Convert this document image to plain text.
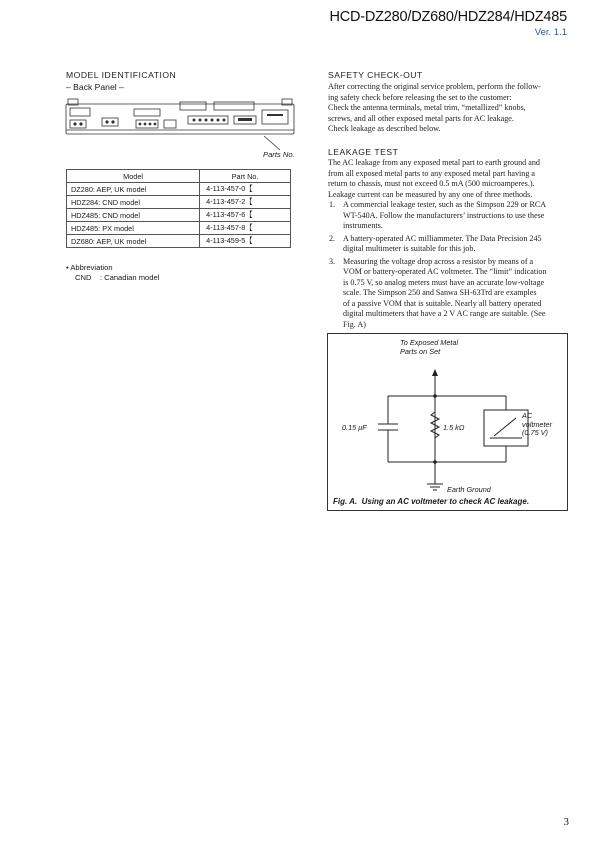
HCD-DZ280/DZ680/HDZ284/HDZ485
Ver. 1.1
MODEL IDENTIFICATION
– Back Panel –
Parts No.
Model	Part No.
DZ280: AEP, UK model	4-113-457-0【
HDZ284: CND model	4-113-457-2【
HDZ485: CND model	4-113-457-6【
HDZ485: PX model	4-113-457-8【
DZ680: AEP, UK model	4-113-459-5【
• Abbreviation
CND    : Canadian model
SAFETY CHECK-OUT

After correcting the original service problem, perform the follow-

ing safety check before releasing the set to the customer:

Check the antenna terminals, metal trim, “metallized” knobs,

screws, and all other exposed metal parts for AC leakage.

Check leakage as described below.

LEAKAGE TEST

The AC leakage from any exposed metal part to earth ground and

from all exposed metal parts to any exposed metal part having a

return to chassis, must not exceed 0.5 mA (500 microamperes.).

Leakage current can be measured by any one of three methods.

1. A commercial leakage tester, such as the Simpson 229 or RCA

WT-540A. Follow the manufacturers’ instructions to use these

instruments.

2. A battery-operated AC milliammeter. The Data Precision 245

digital multimeter is suitable for this job.

3. Measuring the voltage drop across a resistor by means of a

VOM or battery-operated AC voltmeter. The “limit” indication

is 0.75 V, so analog meters must have an accurate low-voltage

scale. The Simpson 250 and Sanwa SH-63Trd are examples

of a passive VOM that is suitable. Nearly all battery operated

digital multimeters that have a 2 V AC range are suitable. (See

Fig. A)

To Exposed Metal
Parts on Set
0.15 μF	1.5 kΩ
AC
voltmeter
(0.75 V)
Earth Ground
Fig. A.  Using an AC voltmeter to check AC leakage.
3
